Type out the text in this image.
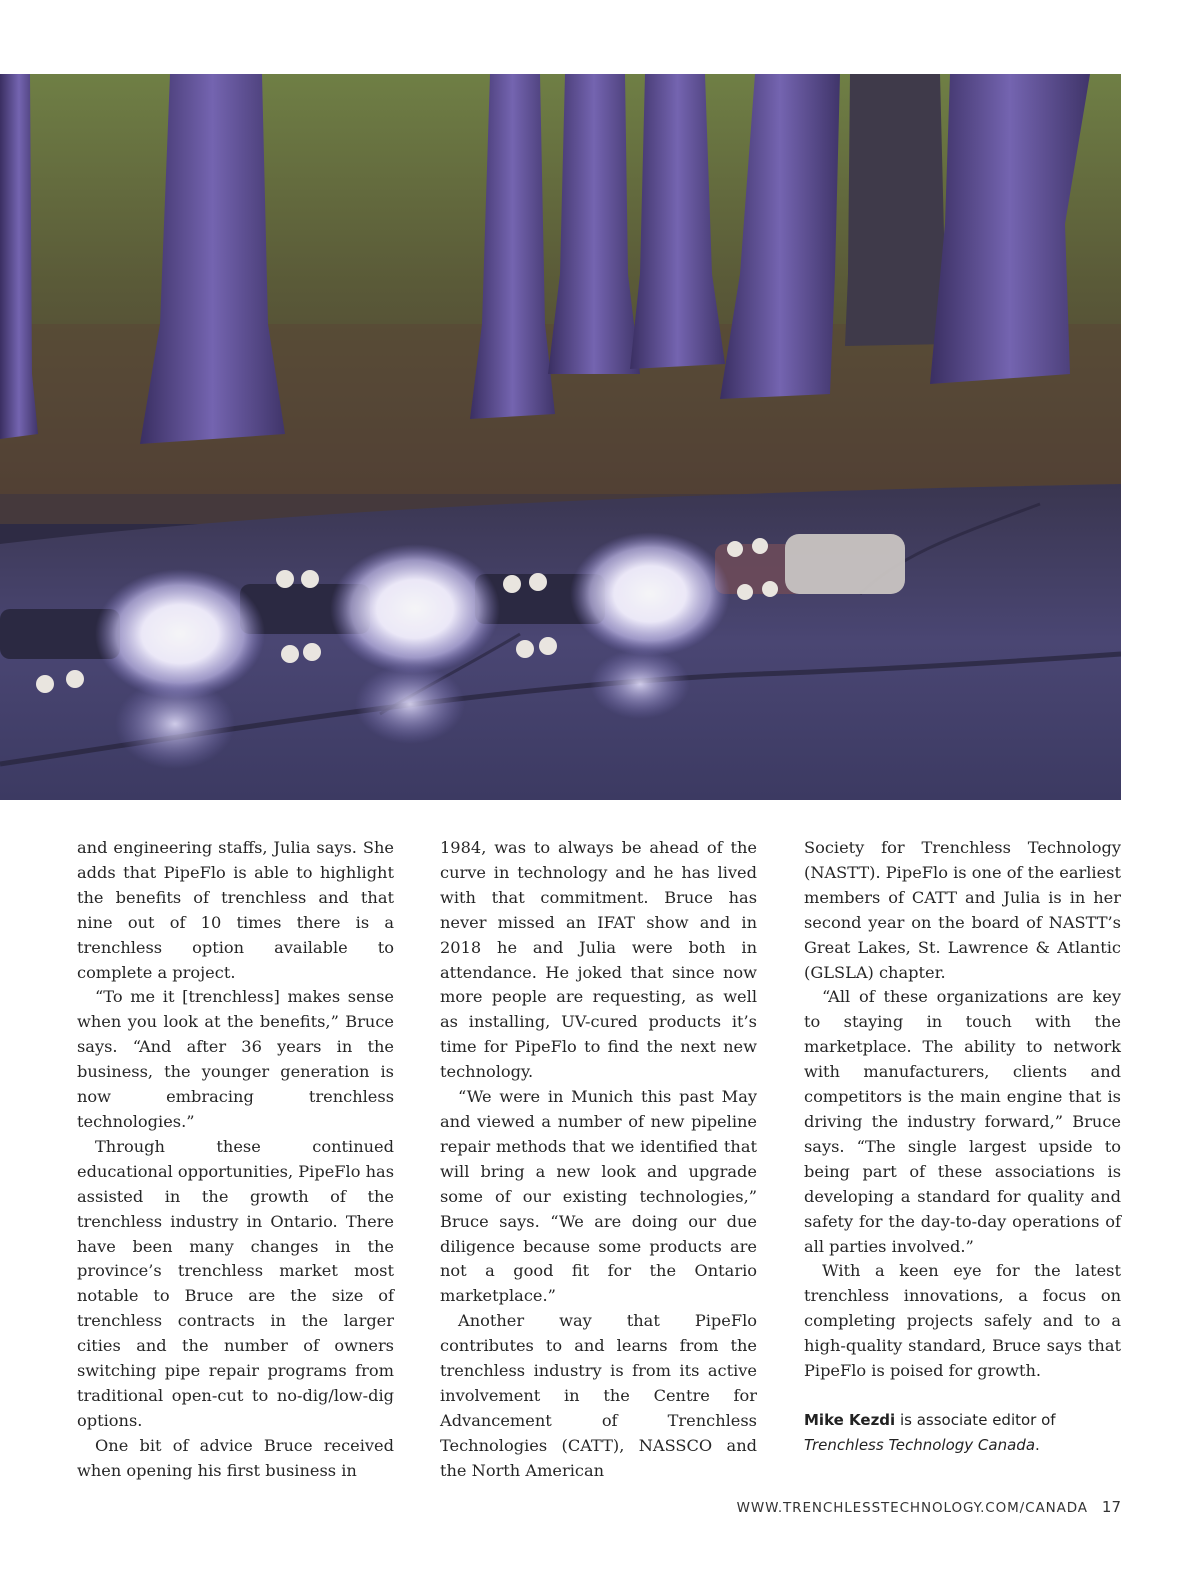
and engineering staffs, Julia says. She adds that PipeFlo is able to highlight the benefits of trenchless and that nine out of 10 times there is a trenchless option available to complete a project.

“To me it [trenchless] makes sense when you look at the benefits,” Bruce says. “And after 36 years in the business, the younger generation is now embracing trenchless technologies.”

Through these continued educational opportunities, PipeFlo has assisted in the growth of the trenchless industry in Ontario. There have been many changes in the province’s trenchless market most notable to Bruce are the size of trenchless contracts in the larger cities and the number of owners switching pipe repair programs from traditional open-cut to no-dig/low-dig options.

One bit of advice Bruce received when opening his first business in

1984, was to always be ahead of the curve in technology and he has lived with that commitment. Bruce has never missed an IFAT show and in 2018 he and Julia were both in attendance. He joked that since now more people are requesting, as well as installing, UV-cured products it’s time for PipeFlo to find the next new technology.

“We were in Munich this past May and viewed a number of new pipeline repair methods that we identified that will bring a new look and upgrade some of our existing technologies,” Bruce says. “We are doing our due diligence because some products are not a good fit for the Ontario marketplace.”

Another way that PipeFlo contributes to and learns from the trenchless industry is from its active involvement in the Centre for Advancement of Trenchless Technologies (CATT), NASSCO and the North American

Society for Trenchless Technology (NASTT). PipeFlo is one of the earliest members of CATT and Julia is in her second year on the board of NASTT’s Great Lakes, St. Lawrence & Atlantic (GLSLA) chapter.

“All of these organizations are key to staying in touch with the marketplace. The ability to network with manufacturers, clients and competitors is the main engine that is driving the industry forward,” Bruce says. “The single largest upside to being part of these associations is developing a standard for quality and safety for the day-to-day operations of all parties involved.”

With a keen eye for the latest trenchless innovations, a focus on completing projects safely and to a high-quality standard, Bruce says that PipeFlo is poised for growth.

Mike Kezdi is associate editor of
Trenchless Technology Canada.
WWW.TRENCHLESSTECHNOLOGY.COM/CANADA 17
